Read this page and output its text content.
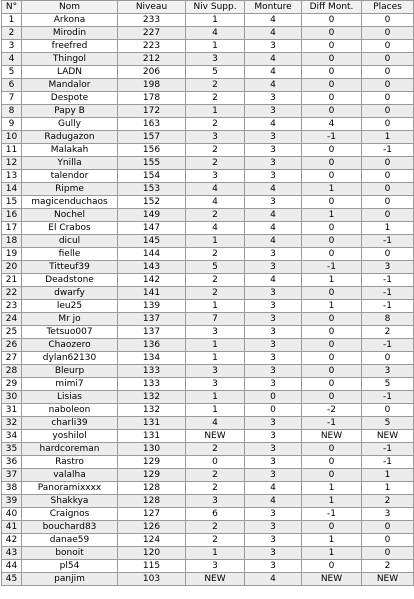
N°	Nom	Niveau	Niv Supp.	Monture	Diff Mont.	Places
1	Arkona	233	1	4	0	0
2	Mirodin	227	4	4	0	0
3	freefred	223	1	3	0	0
4	Thingol	212	3	4	0	0
5	LADN	206	5	4	0	0
6	Mandalor	198	2	4	0	0
7	Despote	178	2	3	0	0
8	Papy B	172	1	3	0	0
9	Gully	163	2	4	4	0
10	Radugazon	157	3	3	-1	1
11	Malakah	156	2	3	0	-1
12	Ynilla	155	2	3	0	0
13	talendor	154	3	3	0	0
14	Ripme	153	4	4	1	0
15	magicenduchaos	152	4	3	0	0
16	Nochel	149	2	4	1	0
17	El Crabos	147	4	4	0	1
18	dicul	145	1	4	0	-1
19	fielle	144	2	3	0	0
20	Titteuf39	143	5	3	-1	3
21	Deadstone	142	2	4	1	-1
22	dwarfy	141	2	3	0	-1
23	leu25	139	1	3	1	-1
24	Mr jo	137	7	3	0	8
25	Tetsuo007	137	3	3	0	2
26	Chaozero	136	1	3	0	-1
27	dylan62130	134	1	3	0	0
28	Bleurp	133	3	3	0	3
29	mimi7	133	3	3	0	5
30	Lisias	132	1	0	0	-1
31	naboleon	132	1	0	-2	0
32	charli39	131	4	3	-1	5
34	yoshilol	131	NEW	3	NEW	NEW
35	hardcoreman	130	2	3	0	-1
36	Rastro	129	0	3	0	-1
37	valalha	129	2	3	0	1
38	Panoramixxxx	128	2	4	1	1
39	Shakkya	128	3	4	1	2
40	Craignos	127	6	3	-1	3
41	bouchard83	126	2	3	0	0
42	danae59	124	2	3	1	0
43	bonoit	120	1	3	1	0
44	pl54	115	3	3	0	2
45	panjim	103	NEW	4	NEW	NEW
